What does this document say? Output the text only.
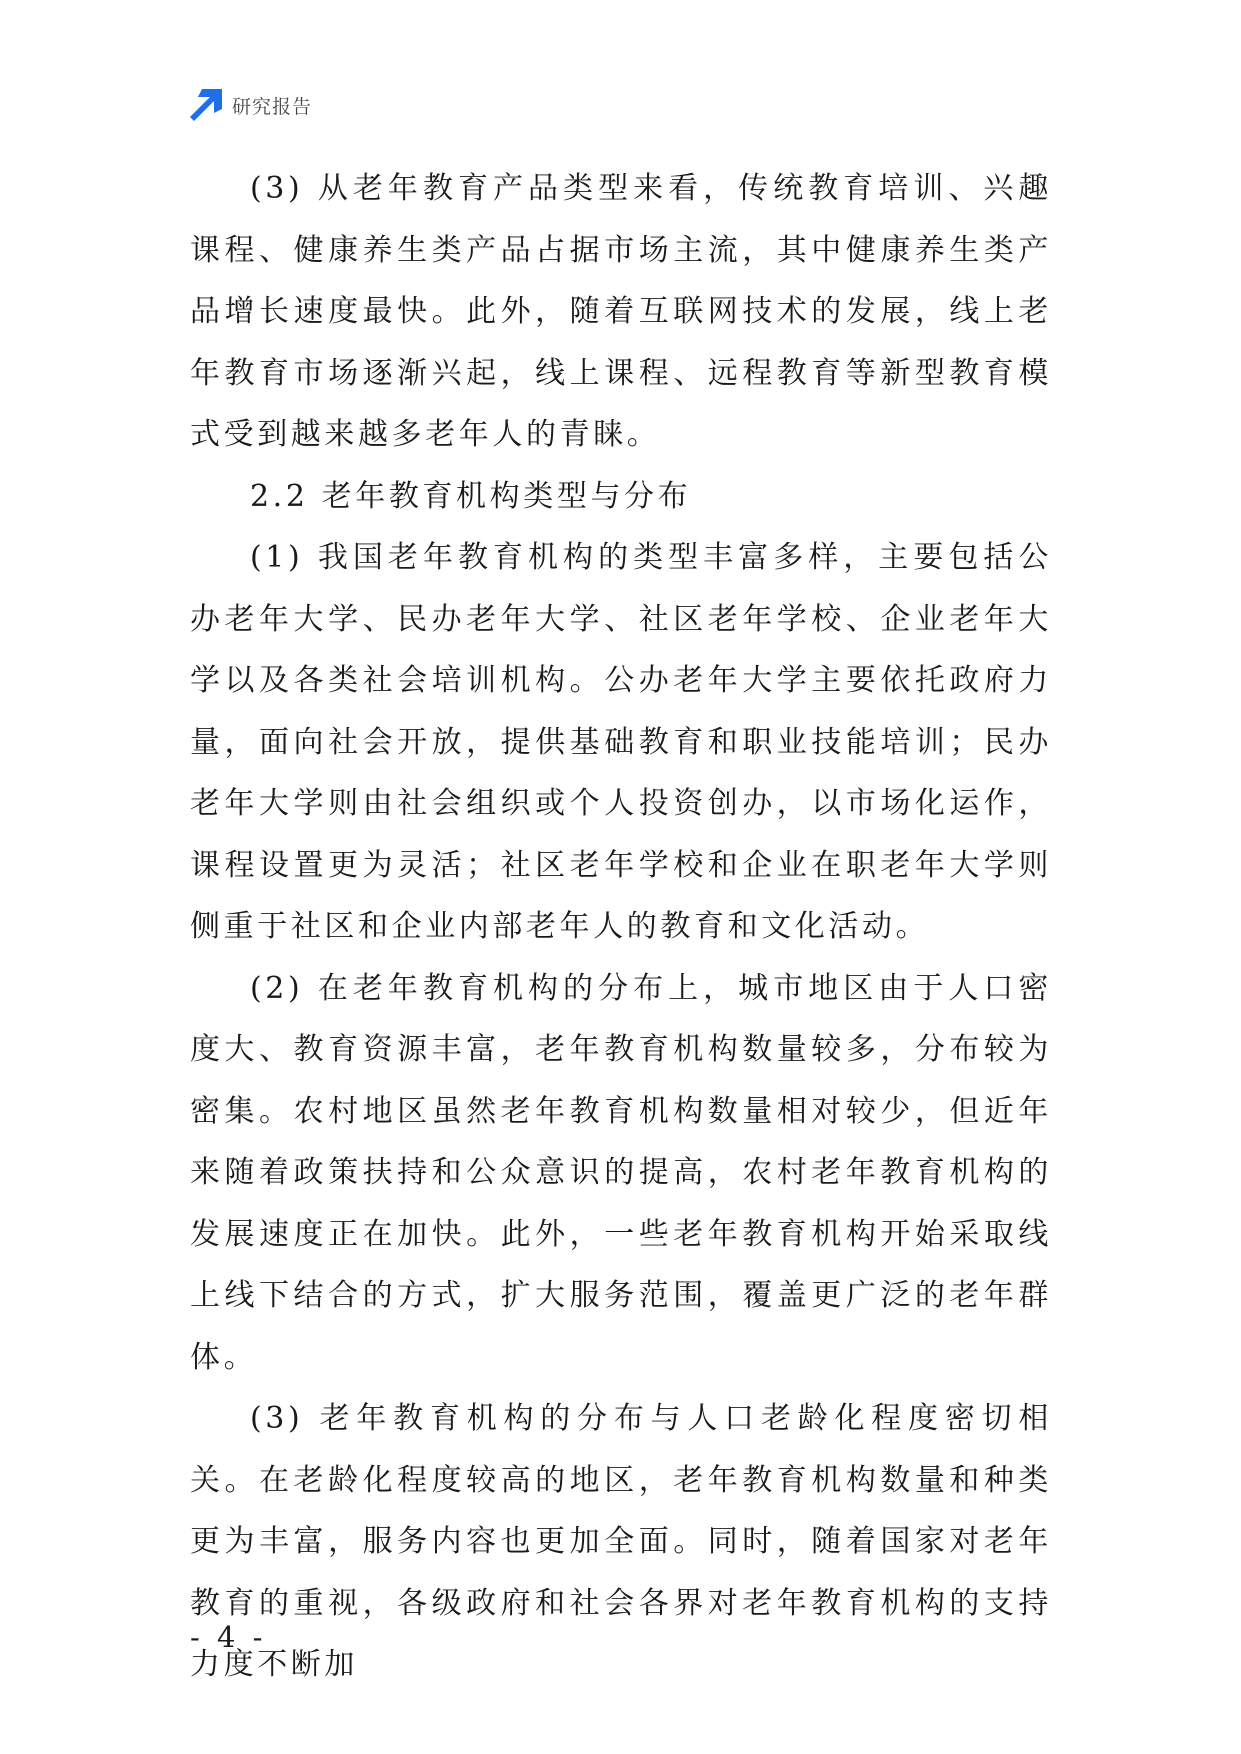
研究报告

(3) 从老年教育产品类型来看，传统教育培训、兴趣课程、健康养生类产品占据市场主流，其中健康养生类产品增长速度最快。此外，随着互联网技术的发展，线上老年教育市场逐渐兴起，线上课程、远程教育等新型教育模式受到越来越多老年人的青睐。

2.2 老年教育机构类型与分布

(1) 我国老年教育机构的类型丰富多样，主要包括公办老年大学、民办老年大学、社区老年学校、企业老年大学以及各类社会培训机构。公办老年大学主要依托政府力量，面向社会开放，提供基础教育和职业技能培训；民办老年大学则由社会组织或个人投资创办，以市场化运作，课程设置更为灵活；社区老年学校和企业在职老年大学则侧重于社区和企业内部老年人的教育和文化活动。

(2) 在老年教育机构的分布上，城市地区由于人口密度大、教育资源丰富，老年教育机构数量较多，分布较为密集。农村地区虽然老年教育机构数量相对较少，但近年来随着政策扶持和公众意识的提高，农村老年教育机构的发展速度正在加快。此外，一些老年教育机构开始采取线上线下结合的方式，扩大服务范围，覆盖更广泛的老年群体。

(3) 老年教育机构的分布与人口老龄化程度密切相关。在老龄化程度较高的地区，老年教育机构数量和种类更为丰富，服务内容也更加全面。同时，随着国家对老年教育的重视，各级政府和社会各界对老年教育机构的支持力度不断加

- 4 -
